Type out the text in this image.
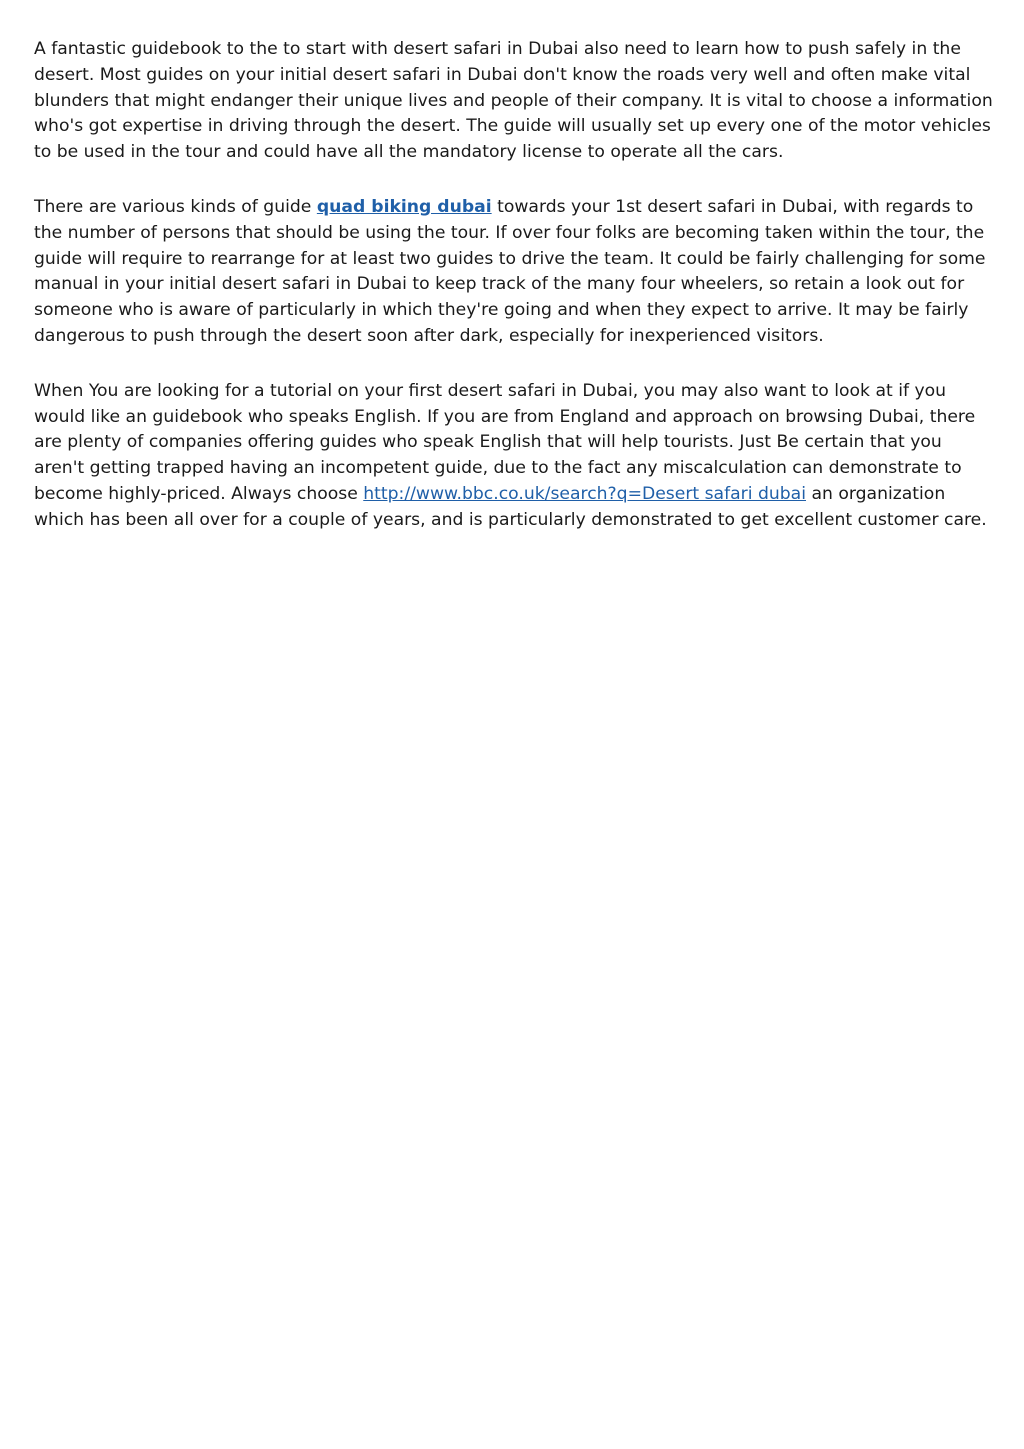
A fantastic guidebook to the to start with desert safari in Dubai also need to learn how to push safely in the desert. Most guides on your initial desert safari in Dubai don't know the roads very well and often make vital blunders that might endanger their unique lives and people of their company. It is vital to choose a information who's got expertise in driving through the desert. The guide will usually set up every one of the motor vehicles to be used in the tour and could have all the mandatory license to operate all the cars.

There are various kinds of guide quad biking dubai towards your 1st desert safari in Dubai, with regards to the number of persons that should be using the tour. If over four folks are becoming taken within the tour, the guide will require to rearrange for at least two guides to drive the team. It could be fairly challenging for some manual in your initial desert safari in Dubai to keep track of the many four wheelers, so retain a look out for someone who is aware of particularly in which they're going and when they expect to arrive. It may be fairly dangerous to push through the desert soon after dark, especially for inexperienced visitors.

When You are looking for a tutorial on your first desert safari in Dubai, you may also want to look at if you would like an guidebook who speaks English. If you are from England and approach on browsing Dubai, there are plenty of companies offering guides who speak English that will help tourists. Just Be certain that you aren't getting trapped having an incompetent guide, due to the fact any miscalculation can demonstrate to become highly-priced. Always choose http://www.bbc.co.uk/search?q=Desert safari dubai an organization which has been all over for a couple of years, and is particularly demonstrated to get excellent customer care.
